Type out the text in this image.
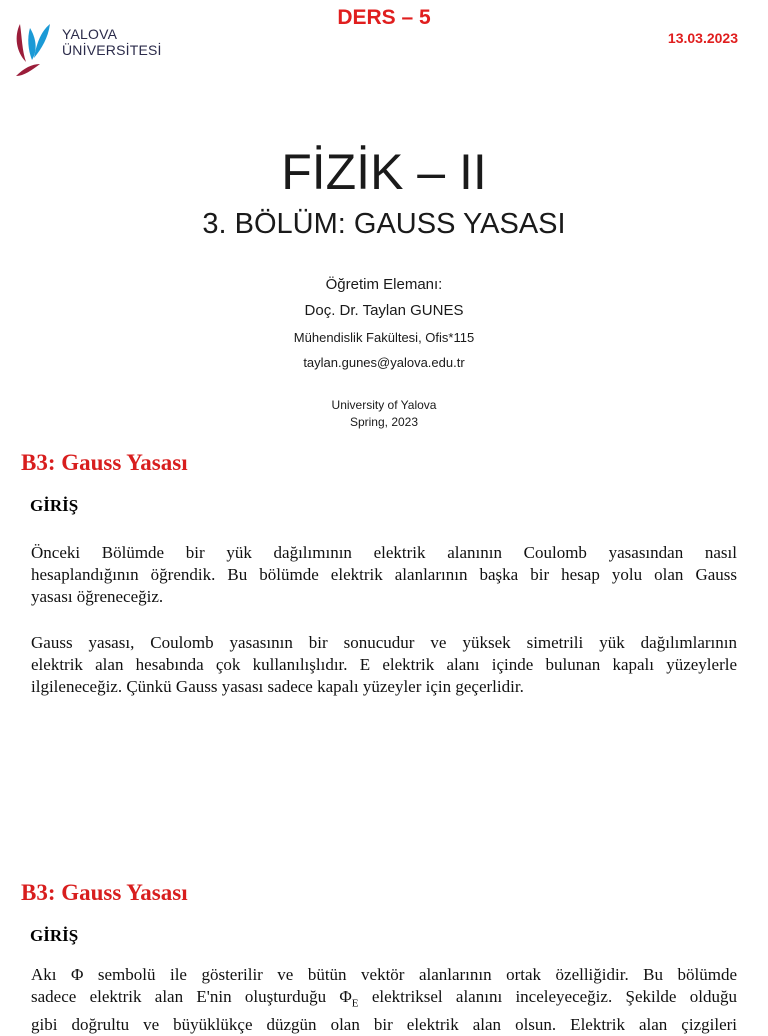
YALOVA
ÜNİVERSİTESİ
DERS – 5
13.03.2023
FİZİK – II
3. BÖLÜM: GAUSS YASASI
Öğretim Elemanı:
Doç. Dr. Taylan GUNES
Mühendislik Fakültesi, Ofis*115
taylan.gunes@yalova.edu.tr
University of Yalova
Spring, 2023
B3: Gauss Yasası
GİRİŞ
Önceki Bölümde bir yük dağılımının elektrik alanının Coulomb yasasından nasıl
hesaplandığının öğrendik. Bu bölümde elektrik alanlarının başka bir hesap yolu olan Gauss
yasası öğreneceğiz.
Gauss yasası, Coulomb yasasının bir sonucudur ve yüksek simetrili yük dağılımlarının
elektrik alan hesabında çok kullanılışlıdır. E elektrik alanı içinde bulunan kapalı yüzeylerle
ilgileneceğiz. Çünkü Gauss yasası sadece kapalı yüzeyler için geçerlidir.
B3: Gauss Yasası
GİRİŞ
Akı Φ sembolü ile gösterilir ve bütün vektör alanlarının ortak özelliğidir. Bu bölümde
sadece elektrik alan E'nin oluşturduğu $\Phi_E$ elektriksel alanını inceleyeceğiz. Şekilde olduğu
gibi doğrultu ve büyüklükçe düzgün olan bir elektrik alan olsun. Elektrik alan çizgileri
